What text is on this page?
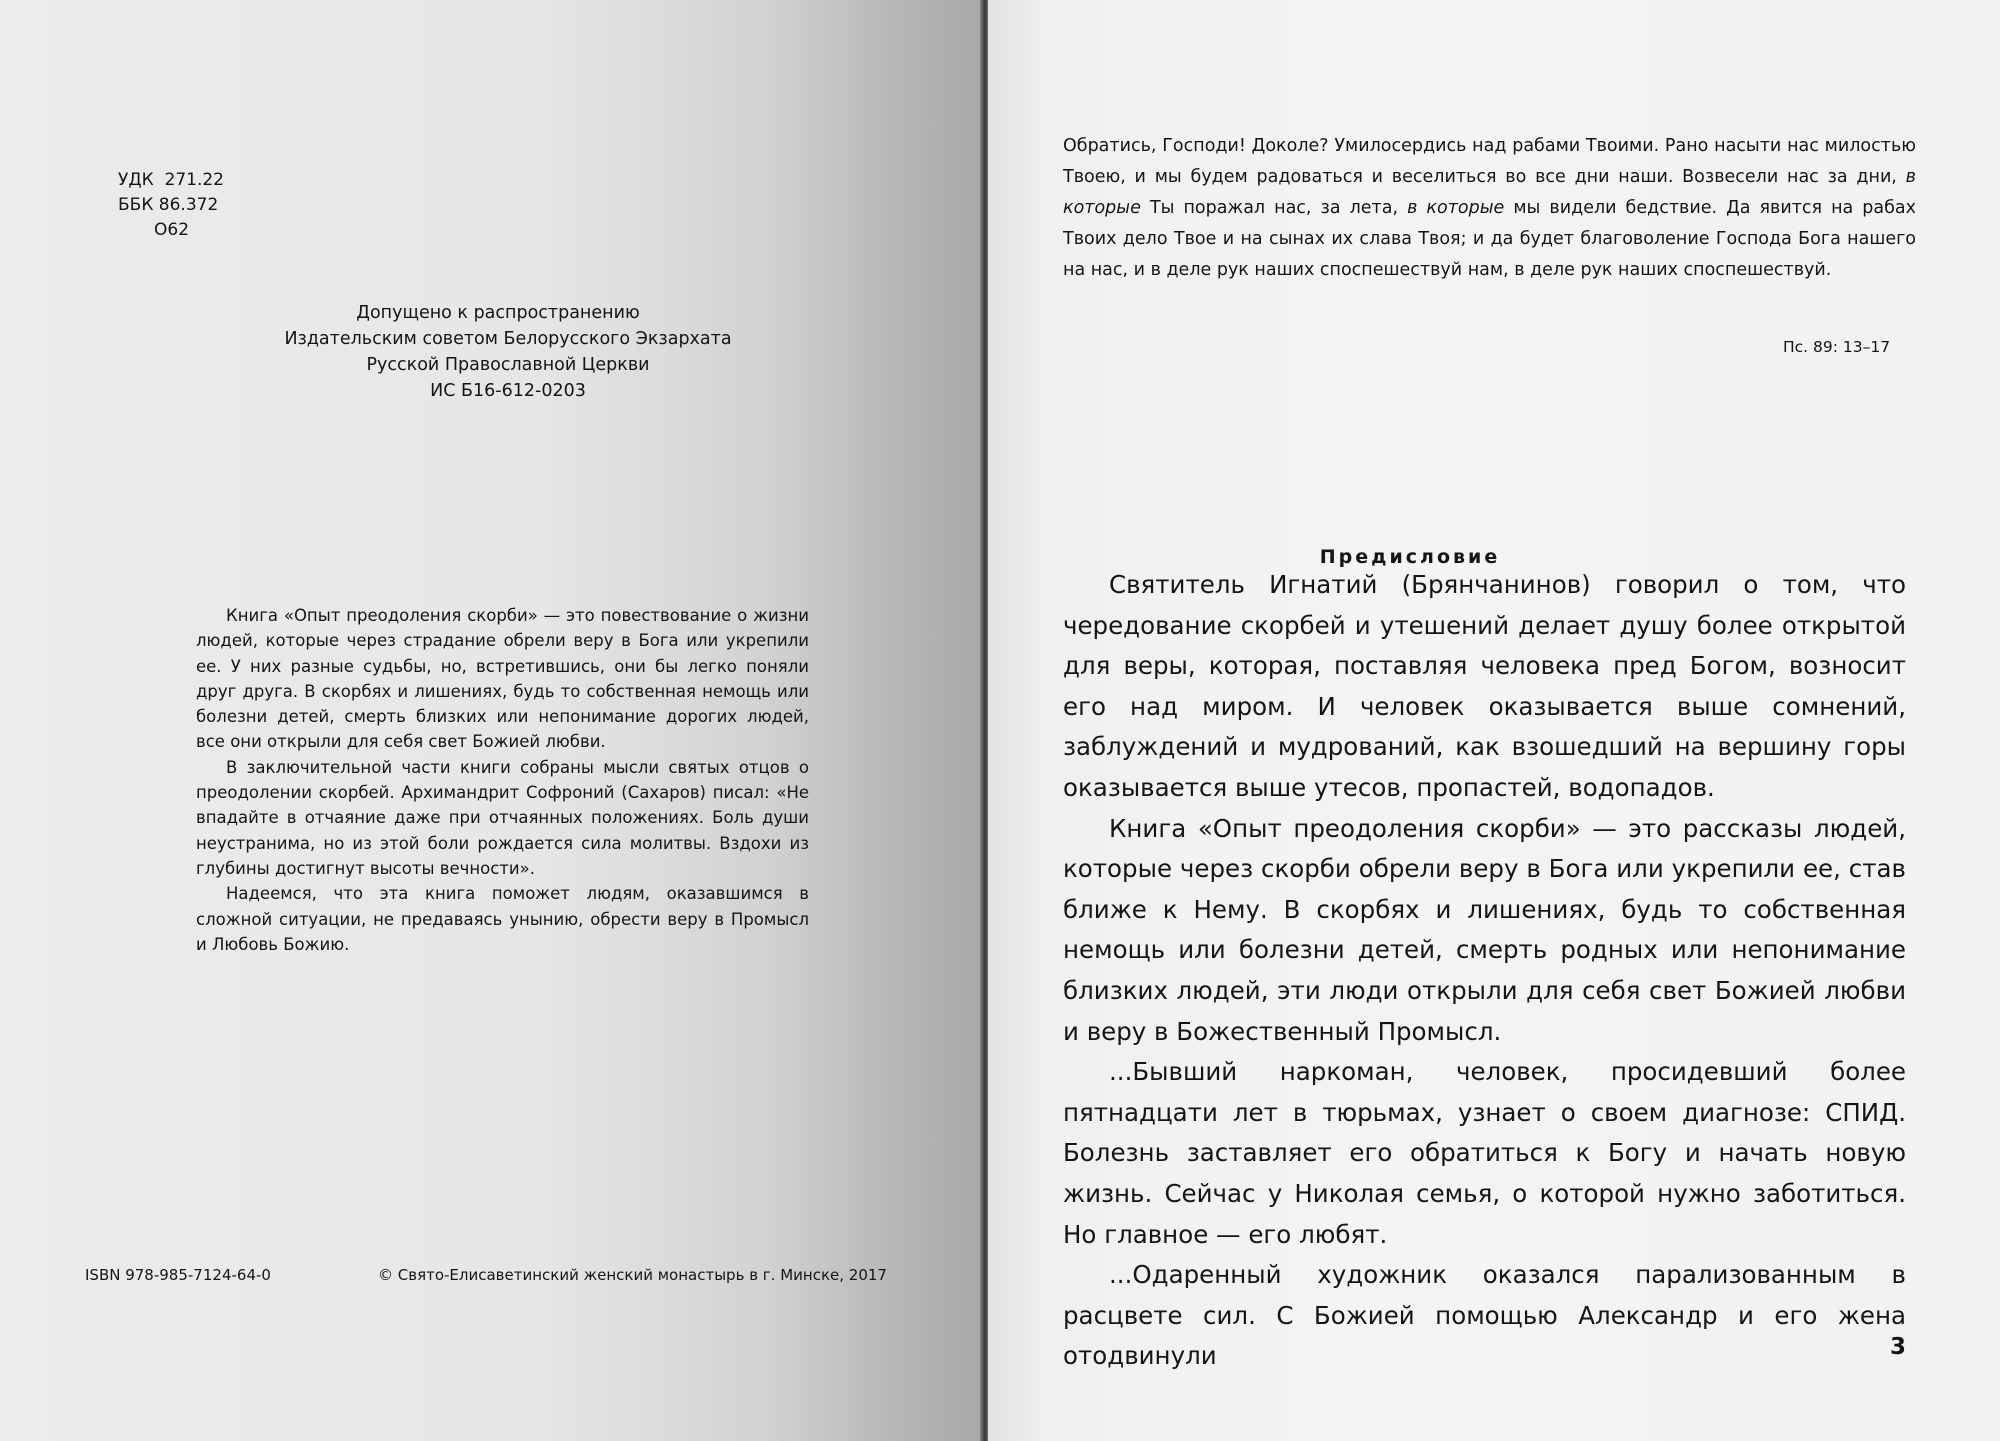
УДК  271.22
ББК 86.372
О62
Допущено к распространению
Издательским советом Белорусского Экзархата
Русской Православной Церкви
ИС Б16-612-0203

Книга «Опыт преодоления скорби» — это повествование о жизни людей, которые через страдание обрели веру в Бога или укрепили ее. У них разные судьбы, но, встретившись, они бы легко поняли друг друга. В скорбях и лишениях, будь то собственная немощь или болезни детей, смерть близких или непонимание дорогих людей, все они открыли для себя свет Божией любви.

В заключительной части книги собраны мысли святых отцов о преодолении скорбей. Архимандрит Софроний (Сахаров) писал: «Не впадайте в отчаяние даже при отчаянных положениях. Боль души неустранима, но из этой боли рождается сила молитвы. Вздохи из глубины достигнут высоты вечности».

Надеемся, что эта книга поможет людям, оказавшимся в сложной ситуации, не предаваясь унынию, обрести веру в Промысл и Любовь Божию.

ISBN 978-985-7124-64-0	© Свято-Елисаветинский женский монастырь в г. Минске, 2017

Обратись, Господи! Доколе? Умилосердись над рабами Твоими. Рано насыти нас милостью Твоею, и мы будем радоваться и веселиться во все дни наши. Возвесели нас за дни, в которые Ты поражал нас, за лета, в которые мы видели бедствие. Да явится на рабах Твоих дело Твое и на сынах их слава Твоя; и да будет благоволение Господа Бога нашего на нас, и в деле рук наших споспешествуй нам, в деле рук наших споспешествуй.

Пс. 89: 13–17
Предисловие

Святитель Игнатий (Брянчанинов) говорил о том, что чередование скорбей и утешений делает душу более открытой для веры, которая, поставляя человека пред Богом, возносит его над миром. И человек оказывается выше сомнений, заблуждений и мудрований, как взошедший на вершину горы оказывается выше утесов, пропастей, водопадов.

Книга «Опыт преодоления скорби» — это рассказы людей, которые через скорби обрели веру в Бога или укрепили ее, став ближе к Нему. В скорбях и лишениях, будь то собственная немощь или болезни детей, смерть родных или непонимание близких людей, эти люди открыли для себя свет Божией любви и веру в Божественный Промысл.

...Бывший наркоман, человек, просидевший более пятнадцати лет в тюрьмах, узнает о своем диагнозе: СПИД. Болезнь заставляет его обратиться к Богу и начать новую жизнь. Сейчас у Николая семья, о которой нужно заботиться. Но главное — его любят.

...Одаренный художник оказался парализованным в расцвете сил. С Божией помощью Александр и его жена отодвинули	3
